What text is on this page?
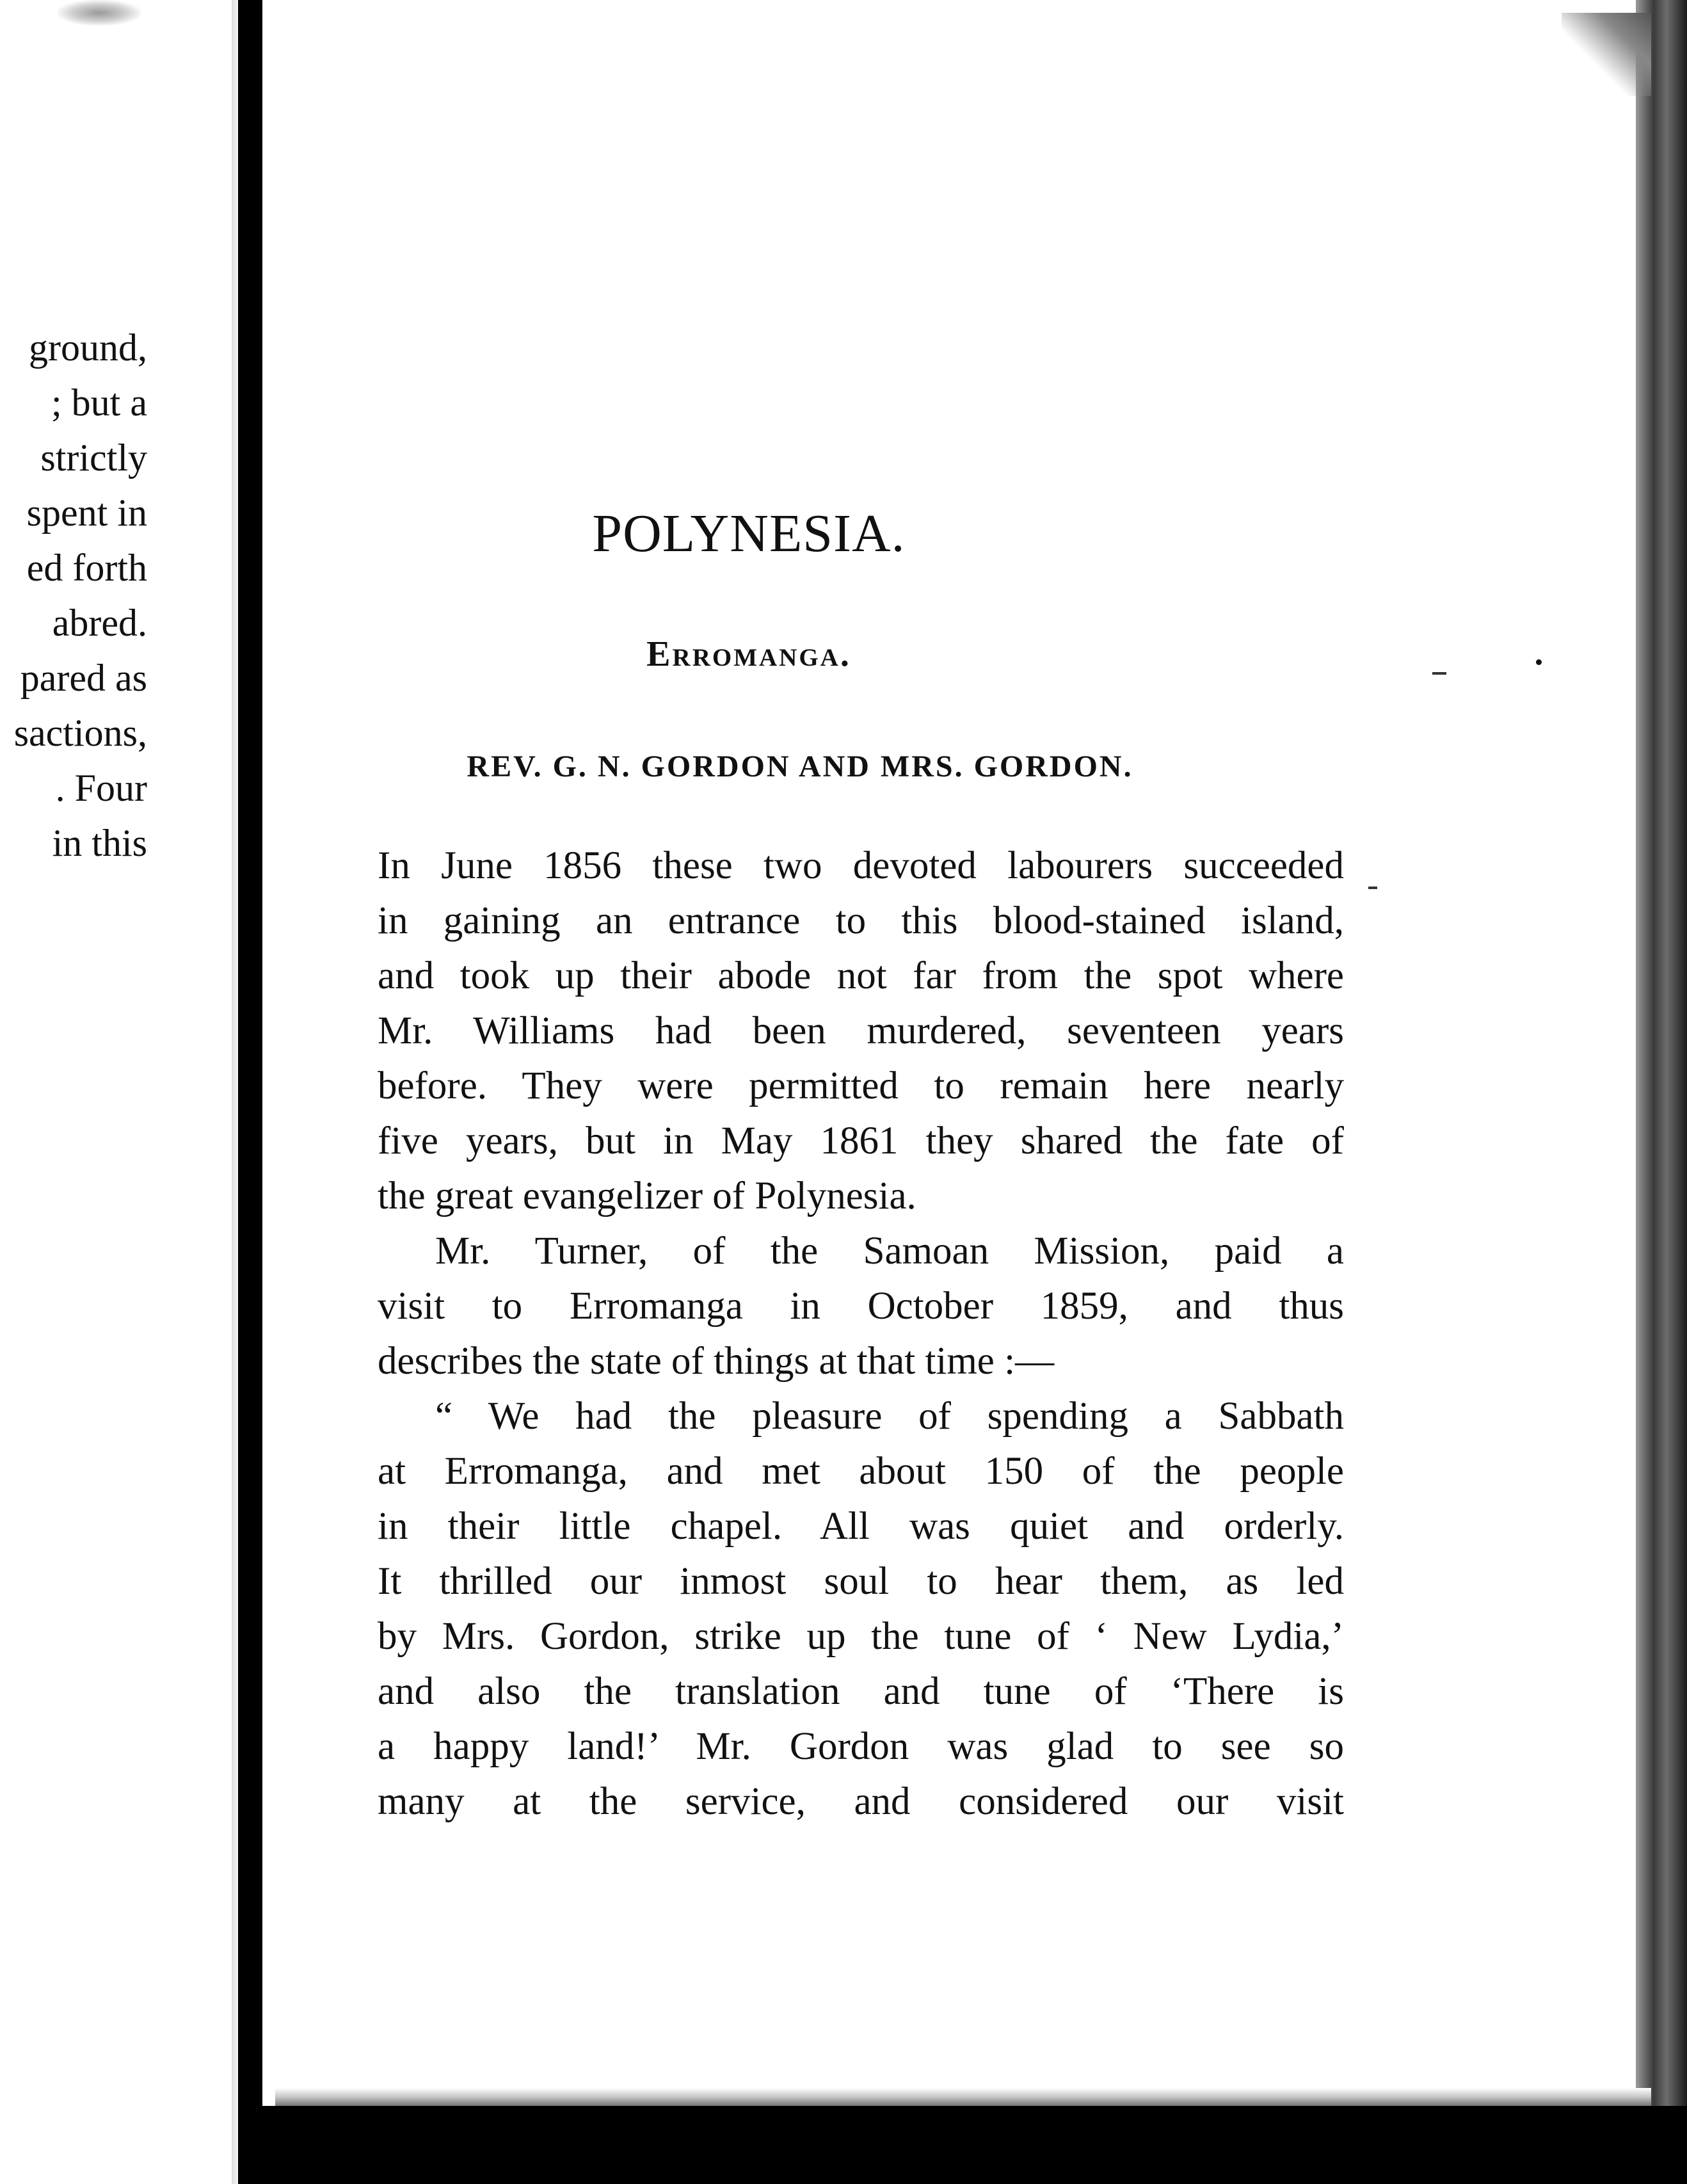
ground,
; but a
strictly
spent in
ed forth
abred.
pared as
sactions,
. Four
in this
POLYNESIA.
Erromanga.
REV. G. N. GORDON AND MRS. GORDON.
In June 1856 these two devoted labourers succeeded
in gaining an entrance to this blood-stained island,
and took up their abode not far from the spot where
Mr. Williams had been murdered, seventeen years
before. They were permitted to remain here nearly
five years, but in May 1861 they shared the fate of
the great evangelizer of Polynesia.
Mr. Turner, of the Samoan Mission, paid a
visit to Erromanga in October 1859, and thus
describes the state of things at that time :—
“ We had the pleasure of spending a Sabbath
at Erromanga, and met about 150 of the people
in their little chapel. All was quiet and orderly.
It thrilled our inmost soul to hear them, as led
by Mrs. Gordon, strike up the tune of ‘ New Lydia,’
and also the translation and tune of ‘There is
a happy land!’ Mr. Gordon was glad to see so
many at the service, and considered our visit
